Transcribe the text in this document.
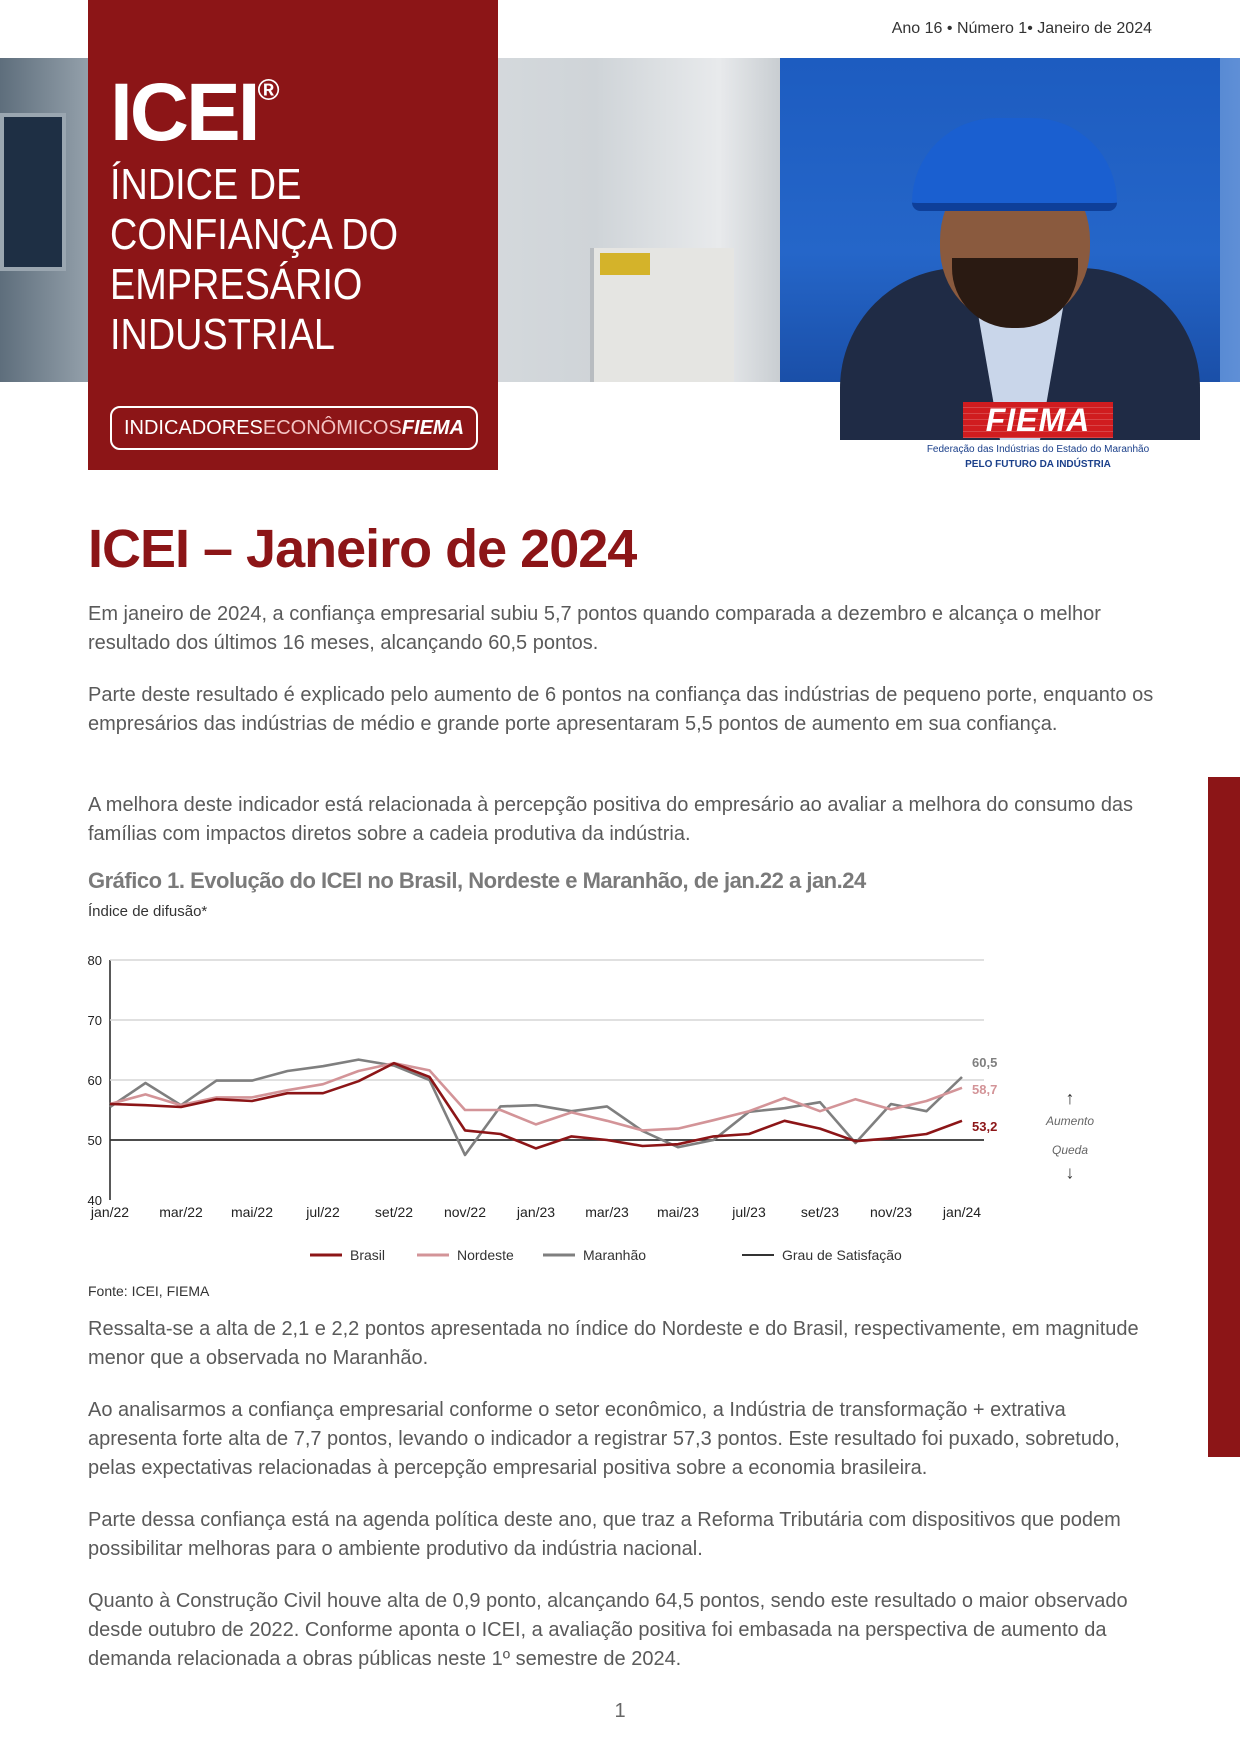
Ano 16 • Número 1• Janeiro de 2024
ICEI®
ÍNDICE DE CONFIANÇA DO EMPRESÁRIO INDUSTRIAL
INDICADORESECONÔMICOSFIEMA	FIEMA
Federação das Indústrias do Estado do Maranhão
PELO FUTURO DA INDÚSTRIA
ICEI – Janeiro de 2024

Em janeiro de 2024, a confiança empresarial subiu 5,7 pontos quando comparada a dezembro e alcança o melhor resultado dos últimos 16 meses, alcançando 60,5 pontos.

Parte deste resultado é explicado pelo aumento de 6 pontos na confiança das indústrias de pequeno porte, enquanto os empresários das indústrias de médio e grande porte apresentaram 5,5 pontos de aumento em sua confiança.

A melhora deste indicador está relacionada à percepção positiva do empresário ao avaliar a melhora do consumo das famílias com impactos diretos sobre a cadeia produtiva da indústria.

Gráfico 1. Evolução do ICEI no Brasil, Nordeste e Maranhão, de jan.22 a jan.24
Índice de difusão*
40
50
60
70
80
jan/22 mar/22 mai/22 jul/22	set/22 nov/22 jan/23 mar/23 mai/23 jul/23	set/23 nov/23 jan/24
53,2
58,7
60,5
↑
Aumento
Queda
↓
Brasil	Nordeste	Maranhão	Grau de Satisfação
Fonte: ICEI, FIEMA

Ressalta-se a alta de 2,1 e 2,2 pontos apresentada no índice do Nordeste e do Brasil, respectivamente, em magnitude menor que a observada no Maranhão.

Ao analisarmos a confiança empresarial conforme o setor econômico, a Indústria de transformação + extrativa apresenta forte alta de 7,7 pontos, levando o indicador a registrar 57,3 pontos. Este resultado foi puxado, sobretudo, pelas expectativas relacionadas à percepção empresarial positiva sobre a economia brasileira.

Parte dessa confiança está na agenda política deste ano, que traz a Reforma Tributária com dispositivos que podem possibilitar melhoras para o ambiente produtivo da indústria nacional.

Quanto à Construção Civil houve alta de 0,9 ponto, alcançando 64,5 pontos, sendo este resultado o maior observado desde outubro de 2022. Conforme aponta o ICEI, a avaliação positiva foi embasada na perspectiva de aumento da demanda relacionada a obras públicas neste 1º semestre de 2024.

1
